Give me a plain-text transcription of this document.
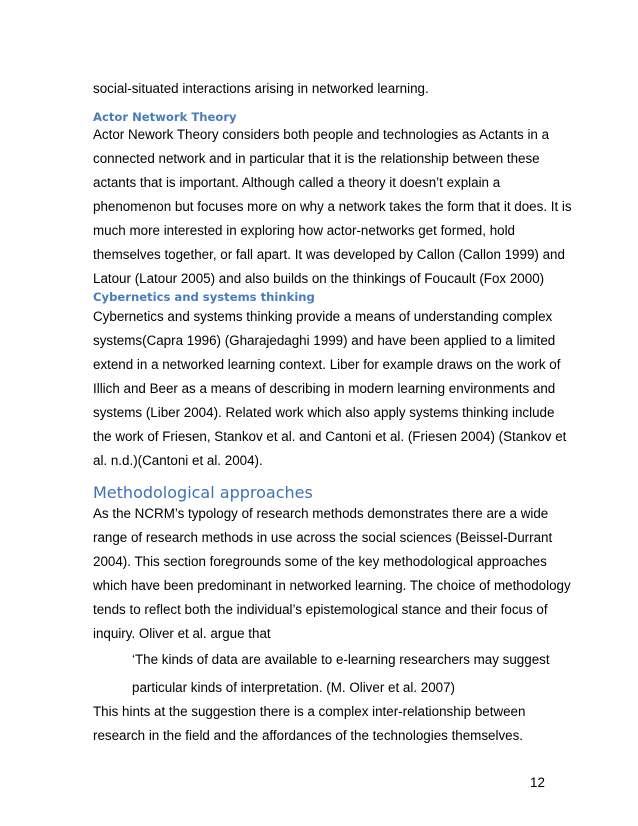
social-situated interactions arising in networked learning.

Actor Network Theory

Actor Nework Theory considers both people and technologies as Actants in a
connected network and in particular that it is the relationship between these
actants that is important. Although called a theory it doesn’t explain a
phenomenon but focuses more on why a network takes the form that it does. It is
much more interested in exploring how actor-networks get formed, hold
themselves together, or fall apart. It was developed by Callon (Callon 1999) and
Latour (Latour 2005) and also builds on the thinkings of Foucault (Fox 2000)

Cybernetics and systems thinking

Cybernetics and systems thinking provide a means of understanding complex
systems(Capra 1996) (Gharajedaghi 1999) and have been applied to a limited
extend in a networked learning context. Liber for example draws on the work of
Illich and Beer as a means of describing in modern learning environments and
systems (Liber 2004). Related work which also apply systems thinking include
the work of Friesen, Stankov et al. and Cantoni et al. (Friesen 2004) (Stankov et
al. n.d.)(Cantoni et al. 2004).

Methodological approaches

As the NCRM’s typology of research methods demonstrates there are a wide
range of research methods in use across the social sciences (Beissel-Durrant
2004). This section foregrounds some of the key methodological approaches
which have been predominant in networked learning. The choice of methodology
tends to reflect both the individual’s epistemological stance and their focus of
inquiry. Oliver et al. argue that

‘The kinds of data are available to e-learning researchers may suggest
particular kinds of interpretation. (M. Oliver et al. 2007)

This hints at the suggestion there is a complex inter-relationship between
research in the field and the affordances of the technologies themselves.

12
